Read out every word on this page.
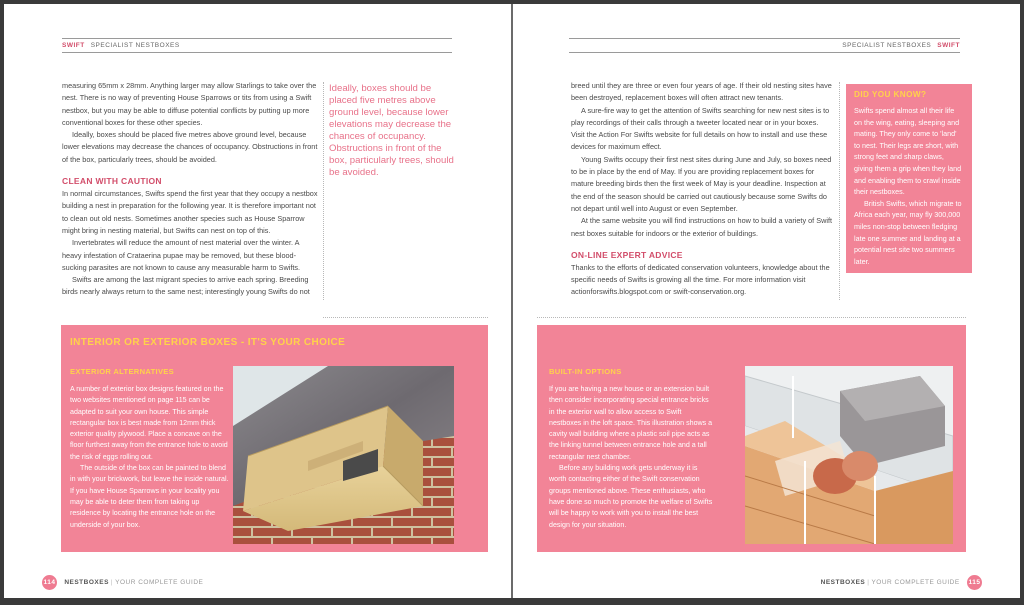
SWIFT SPECIALIST NESTBOXES

measuring 65mm x 28mm. Anything larger may allow Starlings to take over the nest. There is no way of preventing House Sparrows or tits from using a Swift nestbox, but you may be able to diffuse potential conflicts by putting up more conventional boxes for these other species.

Ideally, boxes should be placed five metres above ground level, because lower elevations may decrease the chances of occupancy. Obstructions in front of the box, particularly trees, should be avoided.

CLEAN WITH CAUTION

In normal circumstances, Swifts spend the first year that they occupy a nestbox building a nest in preparation for the following year. It is therefore important not to clean out old nests. Sometimes another species such as House Sparrow might bring in nesting material, but Swifts can nest on top of this.

Invertebrates will reduce the amount of nest material over the winter. A heavy infestation of Crataerina pupae may be removed, but these blood-sucking parasites are not known to cause any measurable harm to Swifts.

Swifts are among the last migrant species to arrive each spring. Breeding birds nearly always return to the same nest; interestingly young Swifts do not

Ideally, boxes should be placed five metres above ground level, because lower elevations may decrease the chances of occupancy. Obstructions in front of the box, particularly trees, should be avoided.
INTERIOR OR EXTERIOR BOXES - IT'S YOUR CHOICE
EXTERIOR ALTERNATIVES

A number of exterior box designs featured on the two websites mentioned on page 115 can be adapted to suit your own house. This simple rectangular box is best made from 12mm thick exterior quality plywood. Place a concave on the floor furthest away from the entrance hole to avoid the risk of eggs rolling out.

The outside of the box can be painted to blend in with your brickwork, but leave the inside natural. If you have House Sparrows in your locality you may be able to deter them from taking up residence by locating the entrance hole on the underside of your box.

114 NESTBOXES | YOUR COMPLETE GUIDE
SPECIALIST NESTBOXES SWIFT

breed until they are three or even four years of age. If their old nesting sites have been destroyed, replacement boxes will often attract new tenants.

A sure-fire way to get the attention of Swifts searching for new nest sites is to play recordings of their calls through a tweeter located near or in your boxes. Visit the Action For Swifts website for full details on how to install and use these devices for maximum effect.

Young Swifts occupy their first nest sites during June and July, so boxes need to be in place by the end of May. If you are providing replacement boxes for mature breeding birds then the first week of May is your deadline. Inspection at the end of the season should be carried out cautiously because some Swifts do not depart until well into August or even September.

At the same website you will find instructions on how to build a variety of Swift nest boxes suitable for indoors or the exterior of buildings.

ON-LINE EXPERT ADVICE

Thanks to the efforts of dedicated conservation volunteers, knowledge about the specific needs of Swifts is growing all the time. For more information visit actionforswifts.blogspot.com or swift-conservation.org.

DID YOU KNOW?

Swifts spend almost all their life on the wing, eating, sleeping and mating. They only come to 'land' to nest. Their legs are short, with strong feet and sharp claws, giving them a grip when they land and enabling them to crawl inside their nestboxes.

British Swifts, which migrate to Africa each year, may fly 300,000 miles non-stop between fledging late one summer and landing at a potential nest site two summers later.

BUILT-IN OPTIONS

If you are having a new house or an extension built then consider incorporating special entrance bricks in the exterior wall to allow access to Swift nestboxes in the loft space. This illustration shows a cavity wall building where a plastic soil pipe acts as the linking tunnel between entrance hole and a tall rectangular nest chamber.

Before any building work gets underway it is worth contacting either of the Swift conservation groups mentioned above. These enthusiasts, who have done so much to promote the welfare of Swifts will be happy to work with you to install the best design for your situation.

NESTBOXES | YOUR COMPLETE GUIDE 115
